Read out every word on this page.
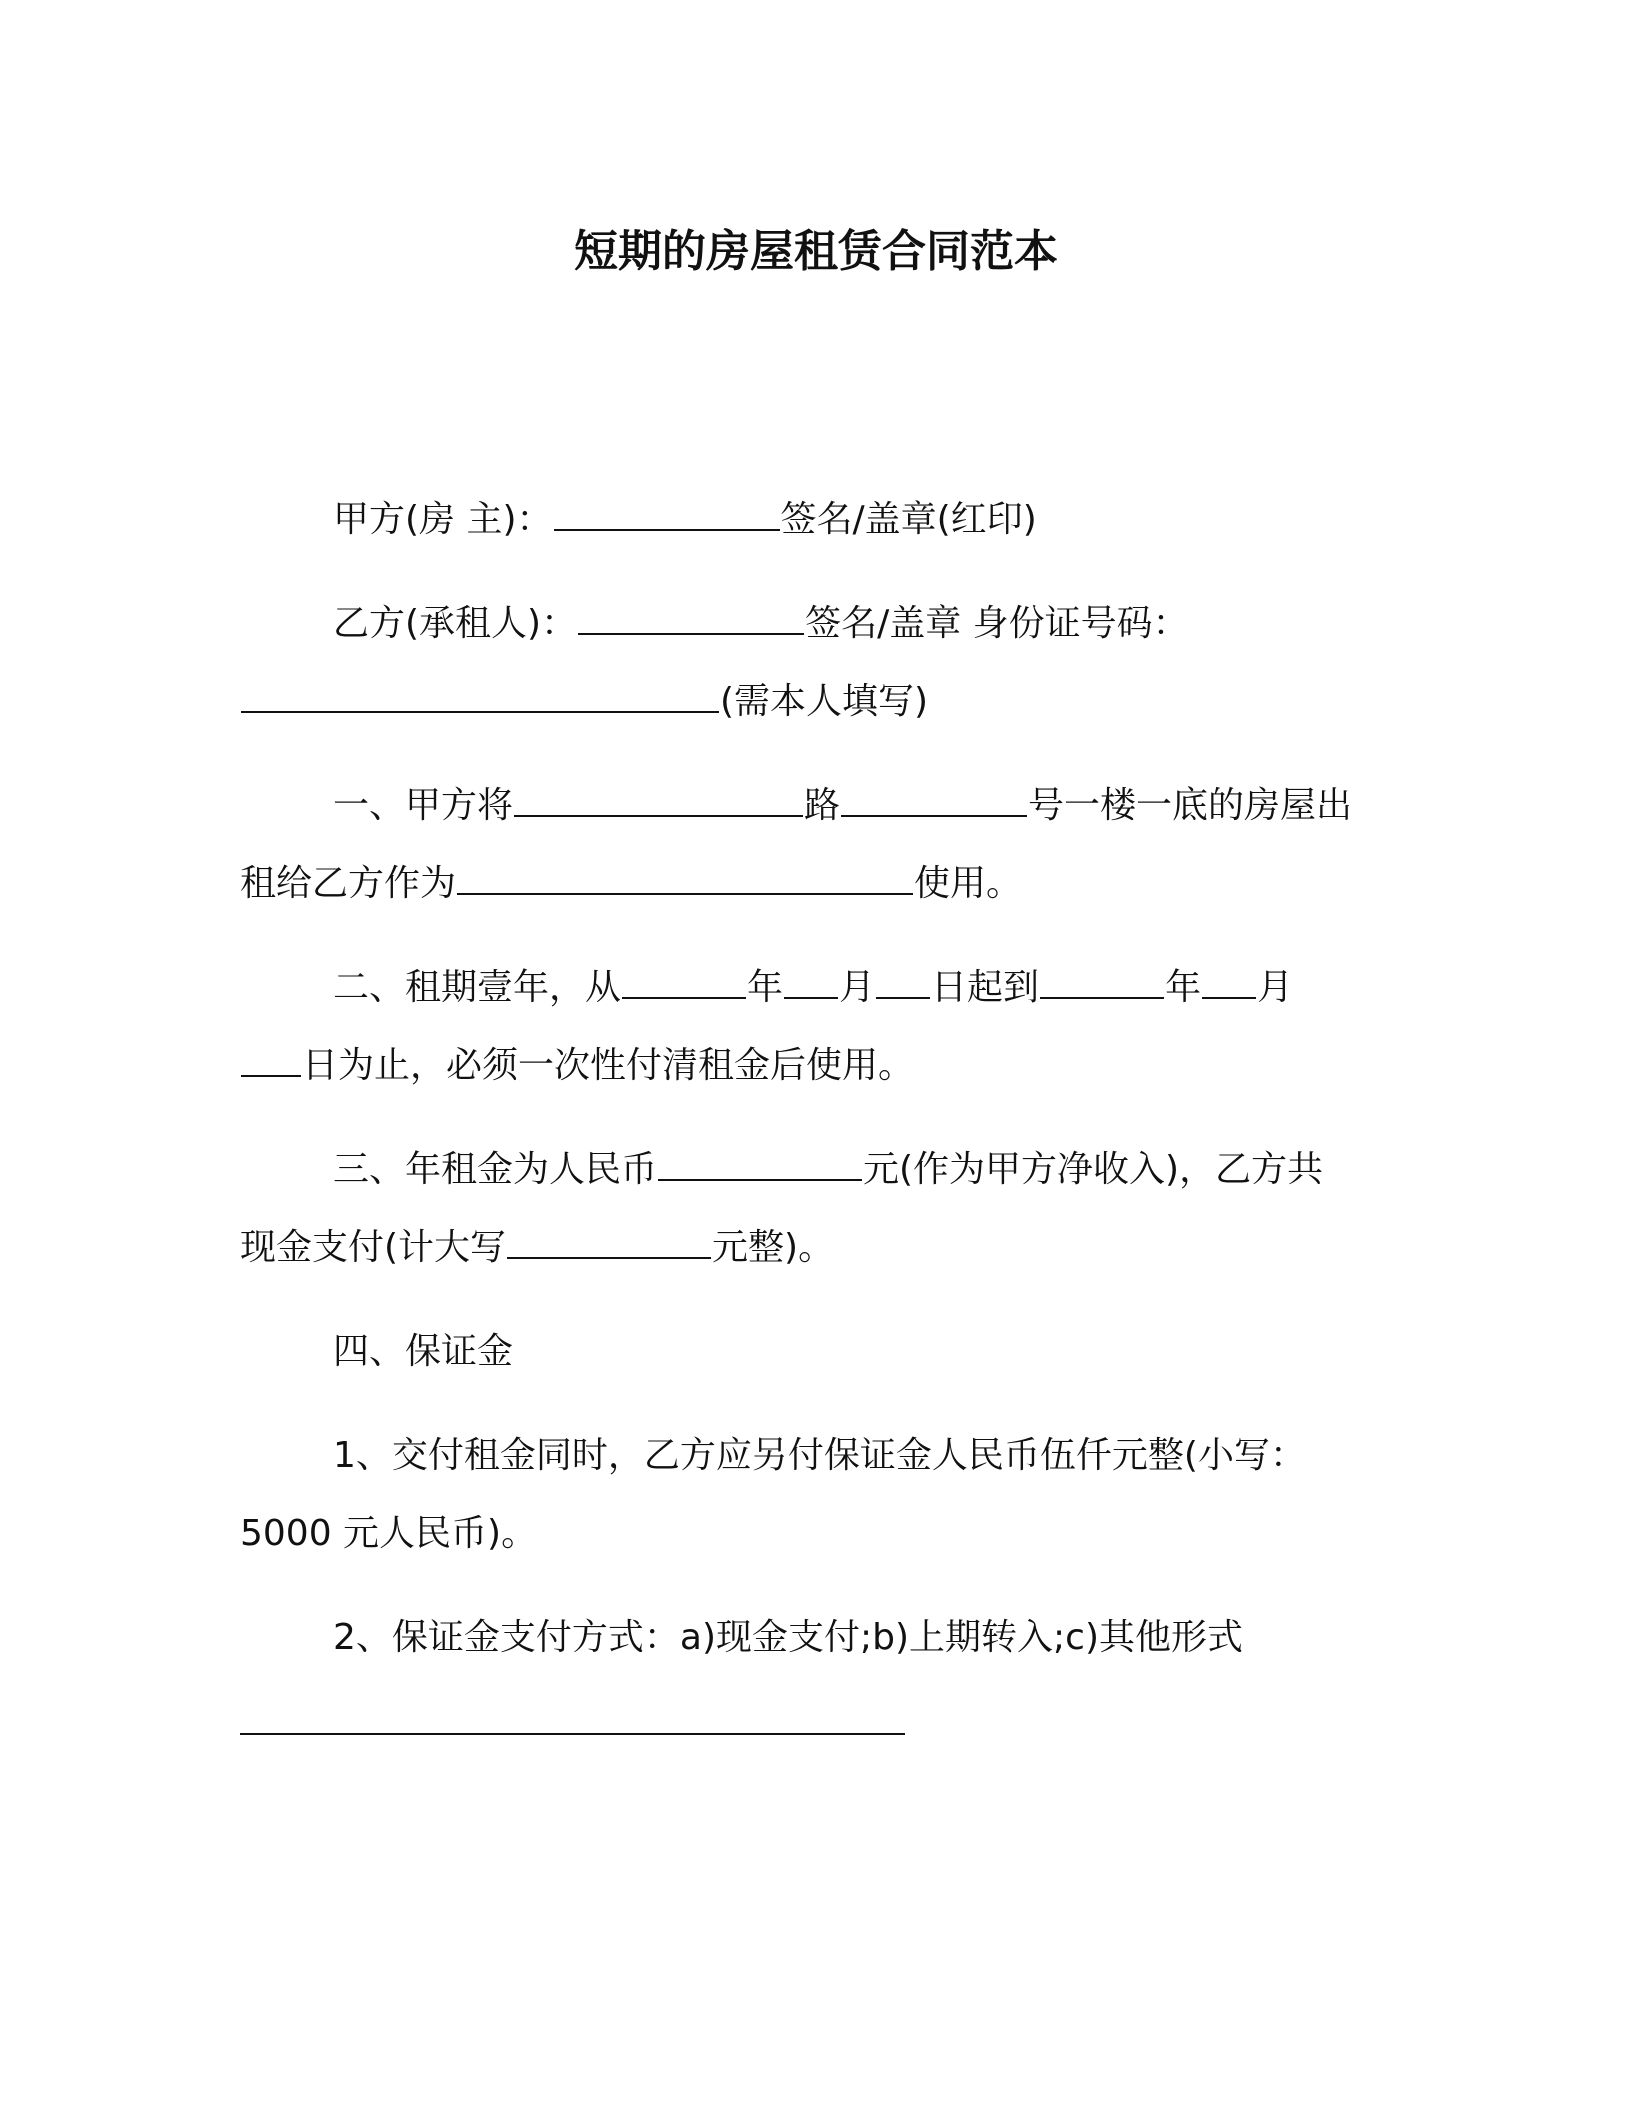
短期的房屋租赁合同范本
甲方(房 主)：	签名/盖章(红印)
乙方(承租人)：	签名/盖章 身份证号码：
(需本人填写)
一、甲方将	路	号一楼一底的房屋出
租给乙方作为	使用。
二、租期壹年，从	年 月 日起到	年 月
日为止，必须一次性付清租金后使用。
三、年租金为人民币	元(作为甲方净收入)，乙方共
现金支付(计大写	元整)。
四、保证金
1、交付租金同时，乙方应另付保证金人民币伍仟元整(小写：
5000 元人民币)。
2、保证金支付方式：a)现金支付;b)上期转入;c)其他形式
